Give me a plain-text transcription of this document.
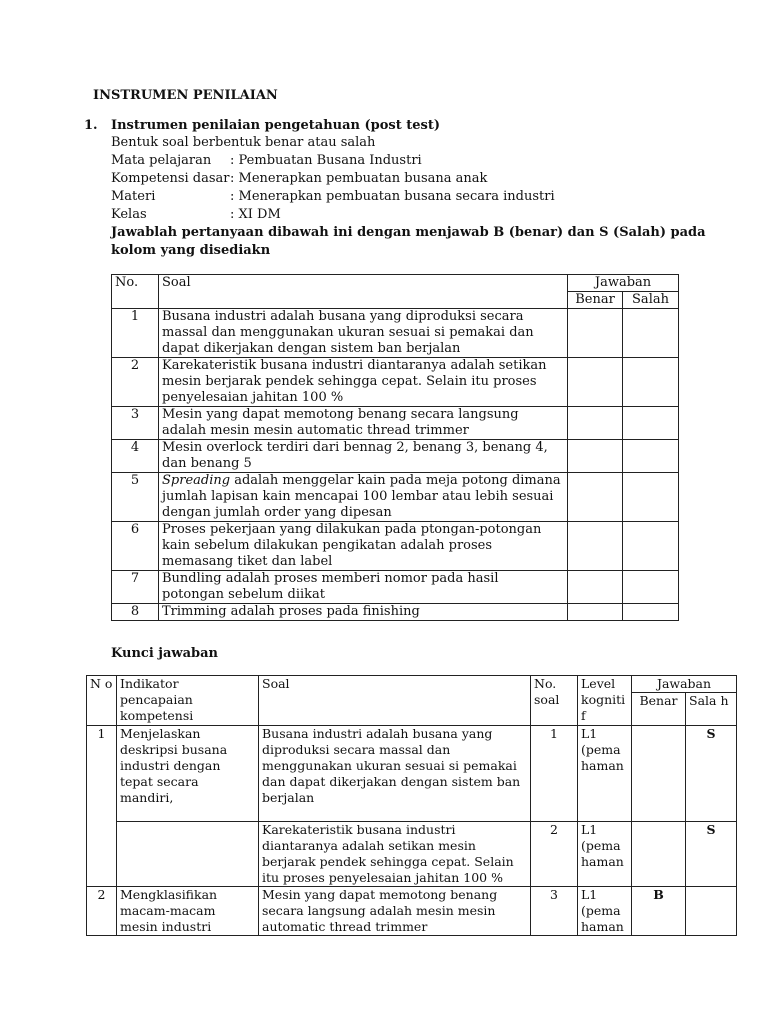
INSTRUMEN PENILAIAN
1. Instrumen penilaian pengetahuan (post test)
Bentuk soal berbentuk benar atau salah
Mata pelajaran : Pembuatan Busana Industri
Kompetensi dasar : Menerapkan pembuatan busana anak
Materi	: Menerapkan pembuatan busana secara industri
Kelas	: XI DM
Jawablah pertanyaan dibawah ini dengan menjawab B (benar) dan S (Salah) pada
kolom yang disediakn
No.	Soal	Jawaban	
		Benar	Salah
1	Busana industri adalah busana yang diproduksi secara massal dan menggunakan ukuran sesuai si pemakai dan dapat dikerjakan dengan sistem ban berjalan		
2	Karekateristik busana industri diantaranya adalah setikan mesin berjarak pendek sehingga cepat. Selain itu proses penyelesaian jahitan 100 %		
3	Mesin yang dapat memotong benang secara langsung adalah mesin mesin automatic thread trimmer		
4	Mesin overlock terdiri dari bennag 2, benang 3, benang 4, dan benang 5		
5	Spreading adalah menggelar kain pada meja potong dimana jumlah lapisan kain mencapai 100 lembar atau lebih sesuai dengan jumlah order yang dipesan		
6	Proses pekerjaan yang dilakukan pada ptongan-potongan kain sebelum dilakukan pengikatan adalah proses memasang tiket dan label		
7	Bundling adalah proses memberi nomor pada hasil potongan sebelum diikat		
8	Trimming adalah proses pada finishing		
Kunci jawaban
N o	Indikator pencapaian kompetensi	Soal	No. soal	Level kogniti f	Jawaban	
					Benar	Sala h
1	Menjelaskan deskripsi busana industri dengan tepat secara mandiri,	Busana industri adalah busana yang diproduksi secara massal dan menggunakan ukuran sesuai si pemakai dan dapat dikerjakan dengan sistem ban berjalan	1	L1 (pema haman		S
		Karekateristik busana industri diantaranya adalah setikan mesin berjarak pendek sehingga cepat. Selain itu proses penyelesaian jahitan 100 %	2	L1 (pema haman		S
2	Mengklasifikan macam-macam mesin industri	Mesin yang dapat memotong benang secara langsung adalah mesin mesin automatic thread trimmer	3	L1 (pema haman	B	
